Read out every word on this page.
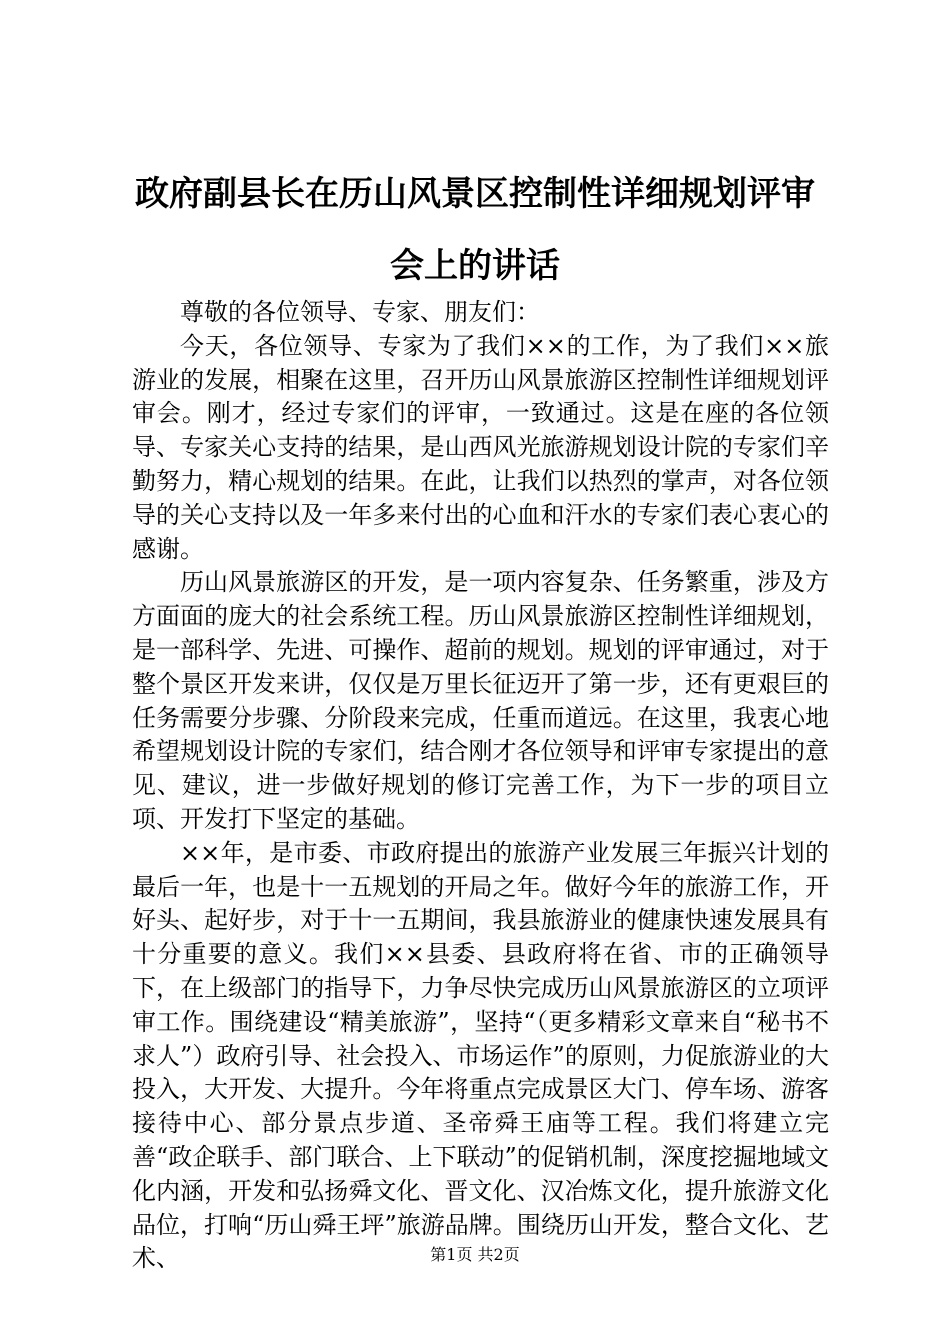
政府副县长在历山风景区控制性详细规划评审会上的讲话

尊敬的各位领导、专家、朋友们：

今天，各位领导、专家为了我们××的工作，为了我们××旅游业的发展，相聚在这里，召开历山风景旅游区控制性详细规划评审会。刚才，经过专家们的评审，一致通过。这是在座的各位领导、专家关心支持的结果，是山西风光旅游规划设计院的专家们辛勤努力，精心规划的结果。在此，让我们以热烈的掌声，对各位领导的关心支持以及一年多来付出的心血和汗水的专家们表心衷心的感谢。

历山风景旅游区的开发，是一项内容复杂、任务繁重，涉及方方面面的庞大的社会系统工程。历山风景旅游区控制性详细规划，是一部科学、先进、可操作、超前的规划。规划的评审通过，对于整个景区开发来讲，仅仅是万里长征迈开了第一步，还有更艰巨的任务需要分步骤、分阶段来完成，任重而道远。在这里，我衷心地希望规划设计院的专家们，结合刚才各位领导和评审专家提出的意见、建议，进一步做好规划的修订完善工作，为下一步的项目立项、开发打下坚定的基础。

××年，是市委、市政府提出的旅游产业发展三年振兴计划的最后一年，也是十一五规划的开局之年。做好今年的旅游工作，开好头、起好步，对于十一五期间，我县旅游业的健康快速发展具有十分重要的意义。我们××县委、县政府将在省、市的正确领导下，在上级部门的指导下，力争尽快完成历山风景旅游区的立项评审工作。围绕建设“精美旅游”，坚持“（更多精彩文章来自“秘书不求人”）政府引导、社会投入、市场运作”的原则，力促旅游业的大投入，大开发、大提升。今年将重点完成景区大门、停车场、游客接待中心、部分景点步道、圣帝舜王庙等工程。我们将建立完善“政企联手、部门联合、上下联动”的促销机制，深度挖掘地域文化内涵，开发和弘扬舜文化、晋文化、汉冶炼文化，提升旅游文化品位，打响“历山舜王坪”旅游品牌。围绕历山开发，整合文化、艺术、	第1页 共2页
